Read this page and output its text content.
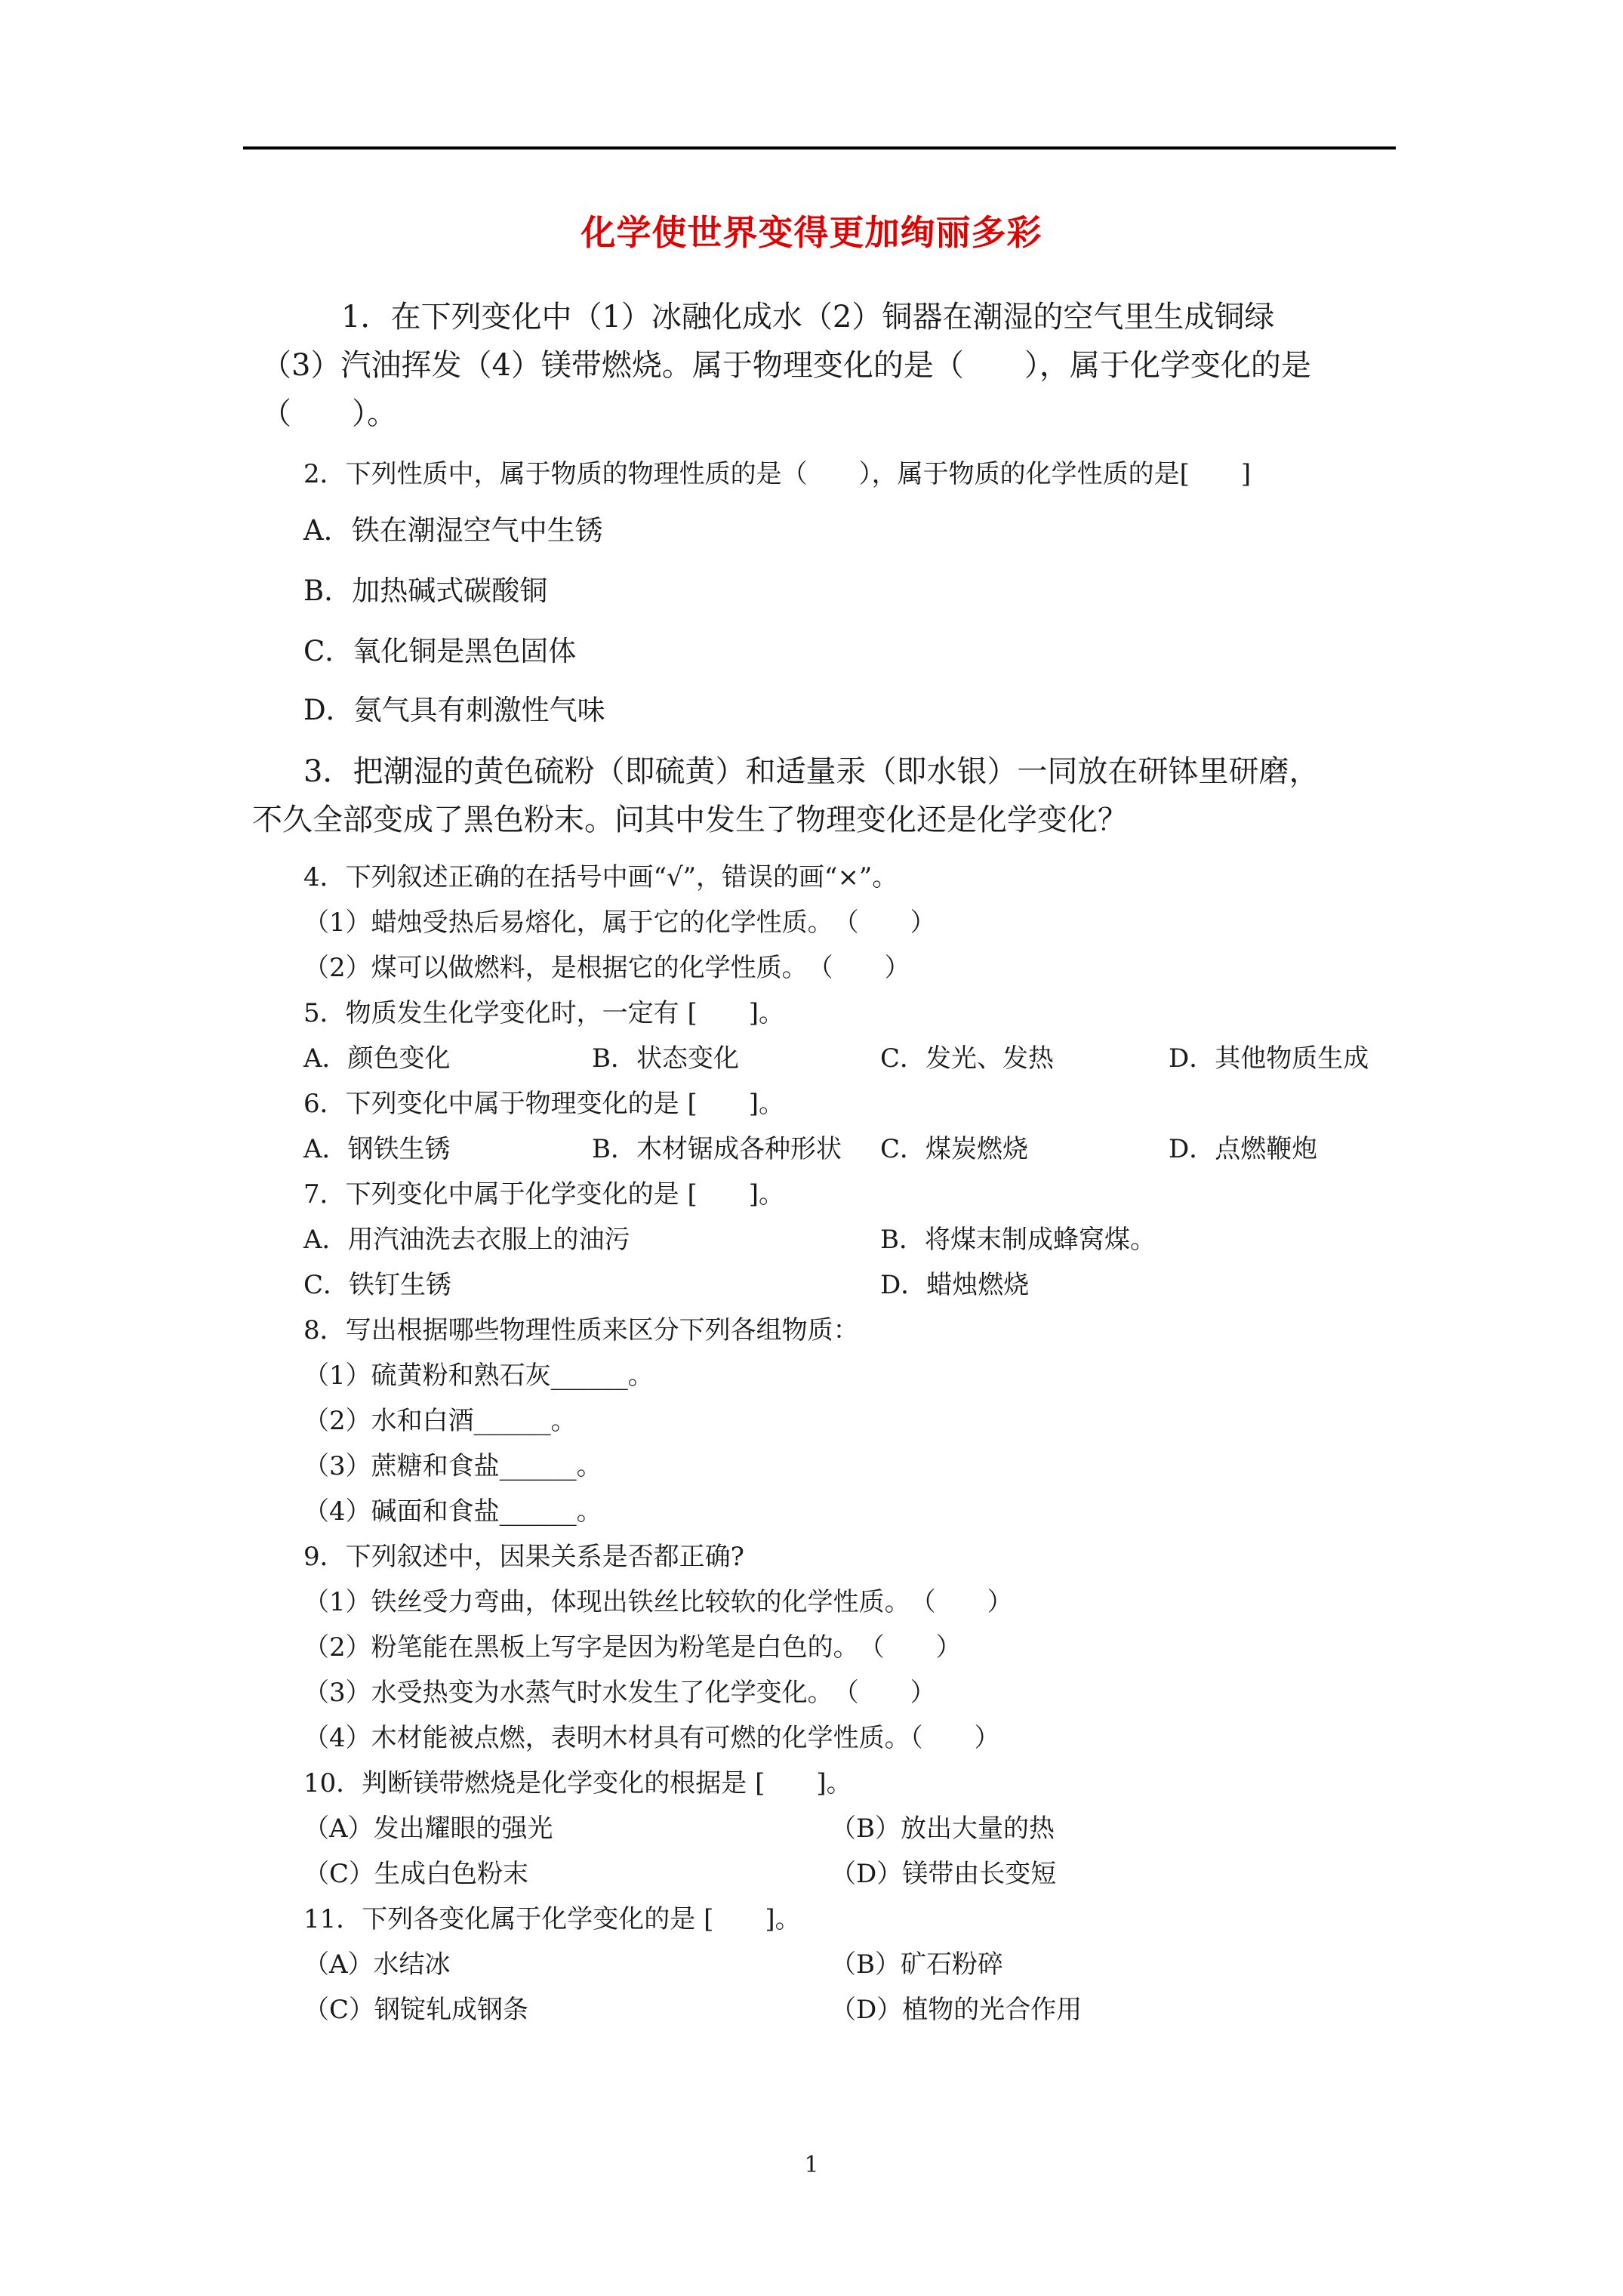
化学使世界变得更加绚丽多彩
1．在下列变化中（1）冰融化成水（2）铜器在潮湿的空气里生成铜绿
（3）汽油挥发（4）镁带燃烧。属于物理变化的是（　　），属于化学变化的是
（　　）。
2．下列性质中，属于物质的物理性质的是（　　），属于物质的化学性质的是[　　]
A．铁在潮湿空气中生锈
B．加热碱式碳酸铜
C．氧化铜是黑色固体
D．氨气具有刺激性气味
3．把潮湿的黄色硫粉（即硫黄）和适量汞（即水银）一同放在研钵里研磨，
不久全部变成了黑色粉末。问其中发生了物理变化还是化学变化？
4．下列叙述正确的在括号中画“√”，错误的画“×”。
（1）蜡烛受热后易熔化，属于它的化学性质。　（　　）
（2）煤可以做燃料，是根据它的化学性质。　（　　）
5．物质发生化学变化时，一定有 [　　]。
A．颜色变化	B．状态变化	C．发光、发热	D．其他物质生成
6．下列变化中属于物理变化的是 [　　]。
A．钢铁生锈	B．木材锯成各种形状 C．煤炭燃烧	D．点燃鞭炮
7．下列变化中属于化学变化的是 [　　]。
A．用汽油洗去衣服上的油污	B．将煤末制成蜂窝煤。
C．铁钉生锈	D．蜡烛燃烧
8．写出根据哪些物理性质来区分下列各组物质：
（1）硫黄粉和熟石灰______。
（2）水和白酒______。
（3）蔗糖和食盐______。
（4）碱面和食盐______。
9．下列叙述中，因果关系是否都正确?
（1）铁丝受力弯曲，体现出铁丝比较软的化学性质。　（　　）
（2）粉笔能在黑板上写字是因为粉笔是白色的。　（　　）
（3）水受热变为水蒸气时水发生了化学变化。　（　　）
（4）木材能被点燃，表明木材具有可燃的化学性质。（　　）
10．判断镁带燃烧是化学变化的根据是 [　　]。
（A）发出耀眼的强光	（B）放出大量的热
（C）生成白色粉末	（D）镁带由长变短
11．下列各变化属于化学变化的是 [　　]。
（A）水结冰	（B）矿石粉碎
（C）钢锭轧成钢条	（D）植物的光合作用
1
